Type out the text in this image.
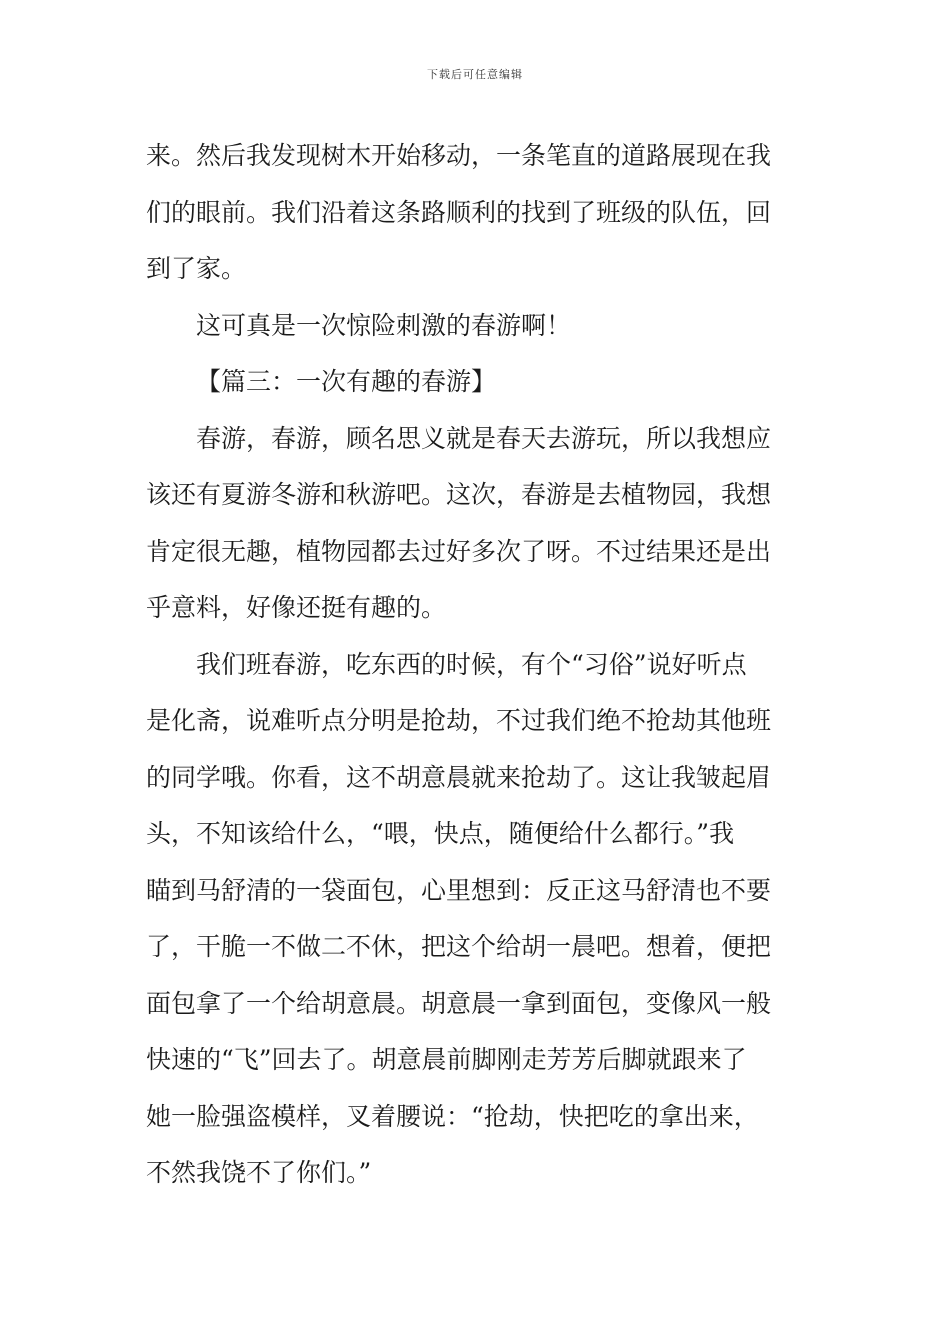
下载后可任意编辑
来。然后我发现树木开始移动，一条笔直的道路展现在我
们的眼前。我们沿着这条路顺利的找到了班级的队伍，回
到了家。
这可真是一次惊险刺激的春游啊！
【篇三：一次有趣的春游】
春游，春游，顾名思义就是春天去游玩，所以我想应
该还有夏游冬游和秋游吧。这次，春游是去植物园，我想
肯定很无趣，植物园都去过好多次了呀。不过结果还是出
乎意料，好像还挺有趣的。
我们班春游，吃东西的时候，有个“习俗”说好听点
是化斋，说难听点分明是抢劫，不过我们绝不抢劫其他班
的同学哦。你看，这不胡意晨就来抢劫了。这让我皱起眉
头，不知该给什么，“喂，快点，随便给什么都行。”我
瞄到马舒清的一袋面包，心里想到：反正这马舒清也不要
了，干脆一不做二不休，把这个给胡一晨吧。想着，便把
面包拿了一个给胡意晨。胡意晨一拿到面包，变像风一般
快速的“飞”回去了。胡意晨前脚刚走芳芳后脚就跟来了
她一脸强盗模样，叉着腰说：“抢劫，快把吃的拿出来，
不然我饶不了你们。”
